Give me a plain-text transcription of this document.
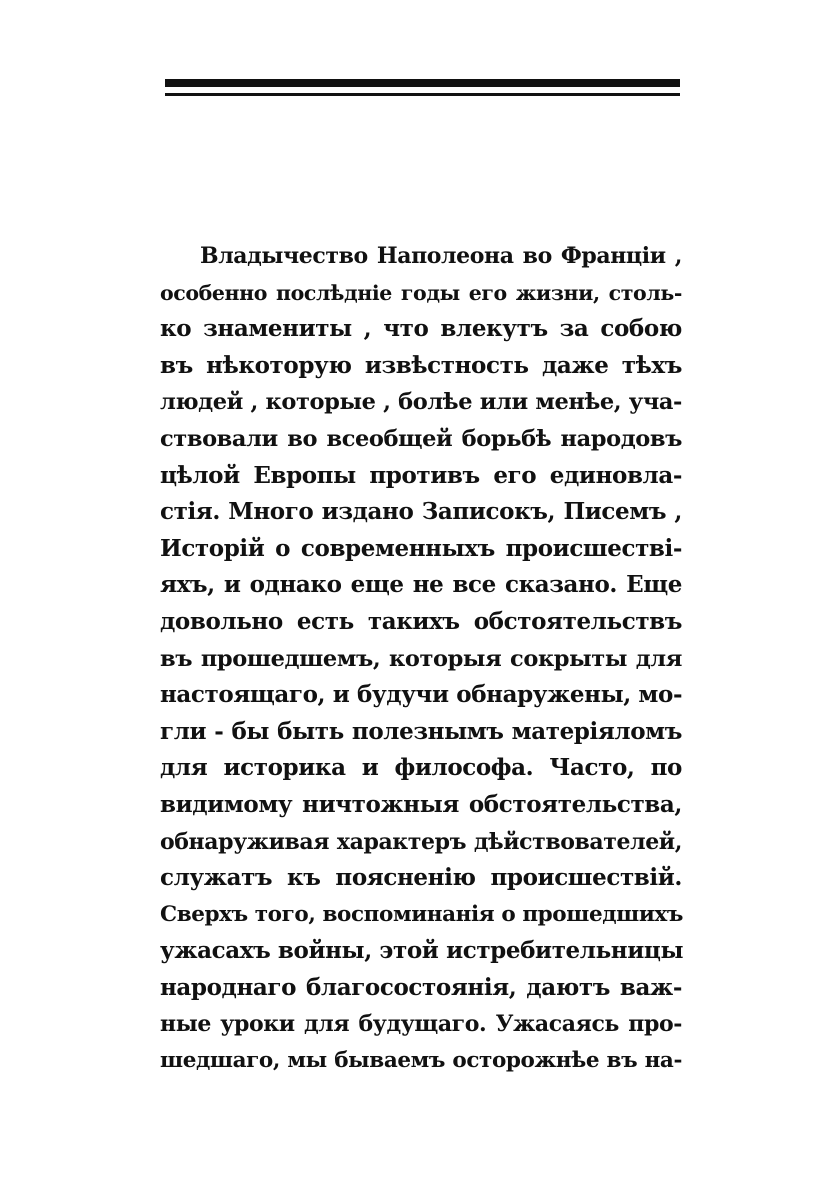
Владычество Наполеона во Франціи ,
особенно послѣдніе годы его жизни, столь-
ко знамениты , что влекутъ за собою
въ нѣкоторую извѣстность даже тѣхъ
людей , которые , болѣе или менѣе, уча-
ствовали во всеобщей борьбѣ народовъ
цѣлой Европы противъ его единовла-
стія. Много издано Записокъ, Писемъ ,
Исторій о современныхъ происшествi-
яхъ, и однако еще не все сказано. Еще
довольно есть такихъ обстоятельствъ
въ прошедшемъ, которыя сокрыты для
настоящаго, и будучи обнаружены, мо-
гли - бы быть полезнымъ матеріяломъ
для историка и философа. Часто, по
видимому ничтожныя обстоятельства,
обнаруживая характеръ дѣйствователей,
служатъ къ поясненію происшествій.
Сверхъ того, воспоминанія о прошедшихъ
ужасахъ войны, этой истребительницы
народнаго благосостоянія, даютъ важ-
ные уроки для будущаго. Ужасаясь про-
шедшаго, мы бываемъ осторожнѣе въ на-
